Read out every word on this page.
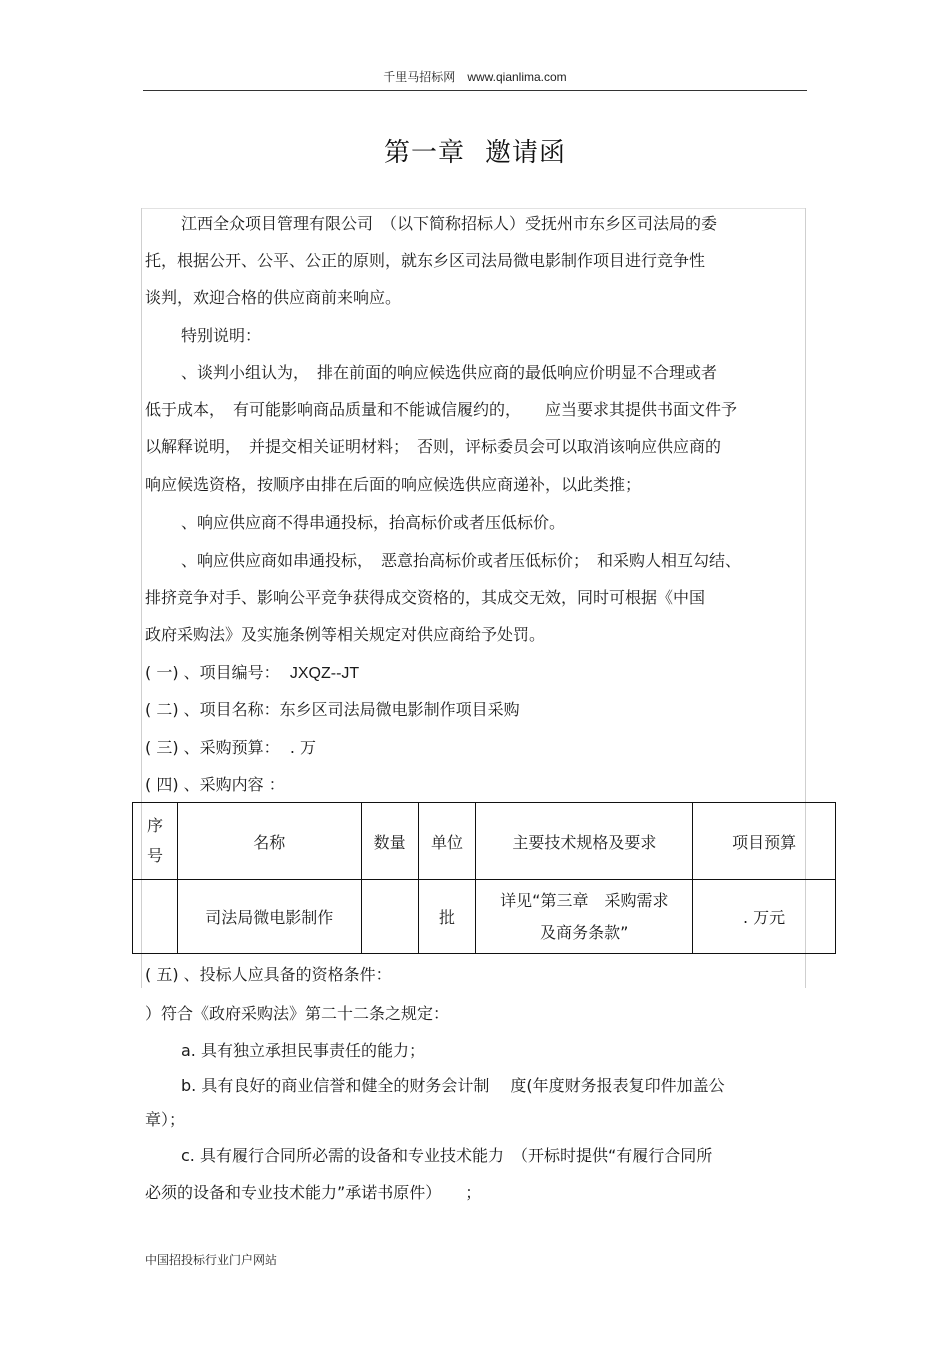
千里马招标网 www.qianlima.com
第一章 邀请函
江西全众项目管理有限公司　（以下简称招标人）受抚州市东乡区司法局的委
托，根据公开、公平、公正的原则，就东乡区司法局微电影制作项目进行竞争性
谈判，欢迎合格的供应商前来响应。
特别说明：
、谈判小组认为，　排在前面的响应候选供应商的最低响应价明显不合理或者
低于成本，　有可能影响商品质量和不能诚信履约的，　　应当要求其提供书面文件予
以解释说明，　并提交相关证明材料；　否则，评标委员会可以取消该响应供应商的
响应候选资格，按顺序由排在后面的响应候选供应商递补，以此类推；
、响应供应商不得串通投标，抬高标价或者压低标价。
、响应供应商如串通投标，　恶意抬高标价或者压低标价；　和采购人相互勾结、
排挤竞争对手、影响公平竞争获得成交资格的，其成交无效，同时可根据《中国
政府采购法》及实施条例等相关规定对供应商给予处罚。
( 一) 、项目编号： JXQZ--JT
( 二) 、项目名称：东乡区司法局微电影制作项目采购
( 三) 、采购预算： . 万
( 四) 、采购内容 ：
序
号	名称	数量	单位	主要技术规格及要求	项目预算
	司法局微电影制作		批	详见“第三章　采购需求
及商务条款”	. 万元
( 五) 、投标人应具备的资格条件：
）符合《政府采购法》第二十二条之规定：
a. 具有独立承担民事责任的能力；
b. 具有良好的商业信誉和健全的财务会计制　 度(年度财务报表复印件加盖公
章）；
c. 具有履行合同所必需的设备和专业技术能力　（开标时提供“有履行合同所
必须的设备和专业技术能力”承诺书原件）　　；
中国招投标行业门户网站
